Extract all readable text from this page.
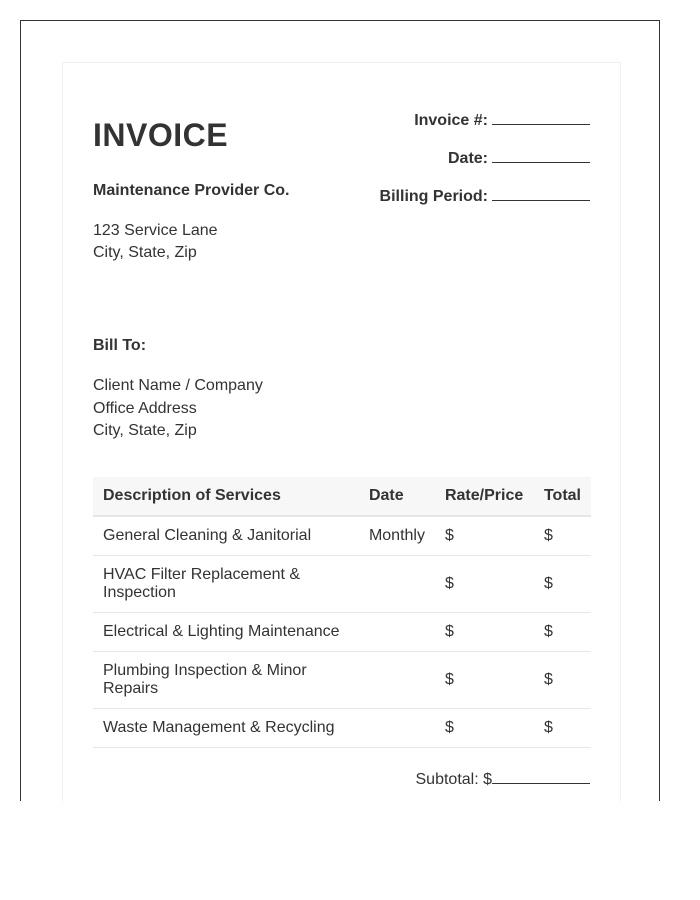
INVOICE
Maintenance Provider Co.
123 Service Lane
City, State, Zip
Invoice #:
Date:
Billing Period:
Bill To:
Client Name / Company
Office Address
City, State, Zip
Description of Services	Date	Rate/Price	Total
General Cleaning & Janitorial	Monthly	$	$
HVAC Filter Replacement & Inspection		$	$
Electrical & Lighting Maintenance		$	$
Plumbing Inspection & Minor Repairs		$	$
Waste Management & Recycling		$	$
Subtotal: $
